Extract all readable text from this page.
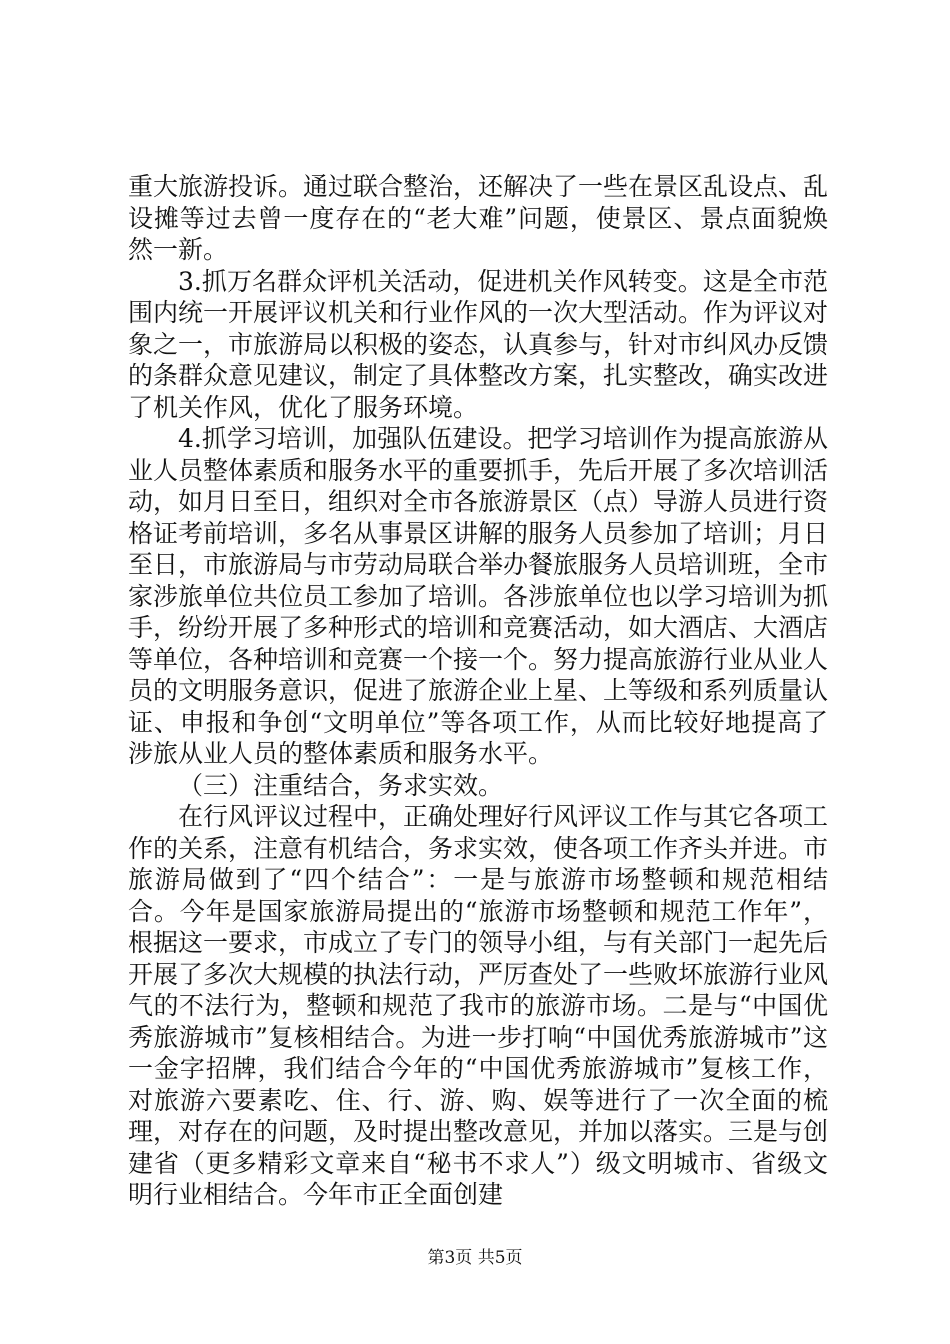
重大旅游投诉。通过联合整治，还解决了一些在景区乱设点、乱设摊等过去曾一度存在的“老大难”问题，使景区、景点面貌焕然一新。

3.抓万名群众评机关活动，促进机关作风转变。这是全市范围内统一开展评议机关和行业作风的一次大型活动。作为评议对象之一，市旅游局以积极的姿态，认真参与，针对市纠风办反馈的条群众意见建议，制定了具体整改方案，扎实整改，确实改进了机关作风，优化了服务环境。

4.抓学习培训，加强队伍建设。把学习培训作为提高旅游从业人员整体素质和服务水平的重要抓手，先后开展了多次培训活动，如月日至日，组织对全市各旅游景区（点）导游人员进行资格证考前培训，多名从事景区讲解的服务人员参加了培训；月日至日，市旅游局与市劳动局联合举办餐旅服务人员培训班，全市家涉旅单位共位员工参加了培训。各涉旅单位也以学习培训为抓手，纷纷开展了多种形式的培训和竞赛活动，如大酒店、大酒店等单位，各种培训和竞赛一个接一个。努力提高旅游行业从业人员的文明服务意识，促进了旅游企业上星、上等级和系列质量认证、申报和争创“文明单位”等各项工作，从而比较好地提高了涉旅从业人员的整体素质和服务水平。

（三）注重结合，务求实效。

在行风评议过程中，正确处理好行风评议工作与其它各项工作的关系，注意有机结合，务求实效，使各项工作齐头并进。市旅游局做到了“四个结合”：一是与旅游市场整顿和规范相结合。今年是国家旅游局提出的“旅游市场整顿和规范工作年”，根据这一要求，市成立了专门的领导小组，与有关部门一起先后开展了多次大规模的执法行动，严厉查处了一些败坏旅游行业风气的不法行为，整顿和规范了我市的旅游市场。二是与“中国优秀旅游城市”复核相结合。为进一步打响“中国优秀旅游城市”这一金字招牌，我们结合今年的“中国优秀旅游城市”复核工作，对旅游六要素吃、住、行、游、购、娱等进行了一次全面的梳理，对存在的问题，及时提出整改意见，并加以落实。三是与创建省（更多精彩文章来自“秘书不求人”）级文明城市、省级文明行业相结合。今年市正全面创建

第3页 共5页
